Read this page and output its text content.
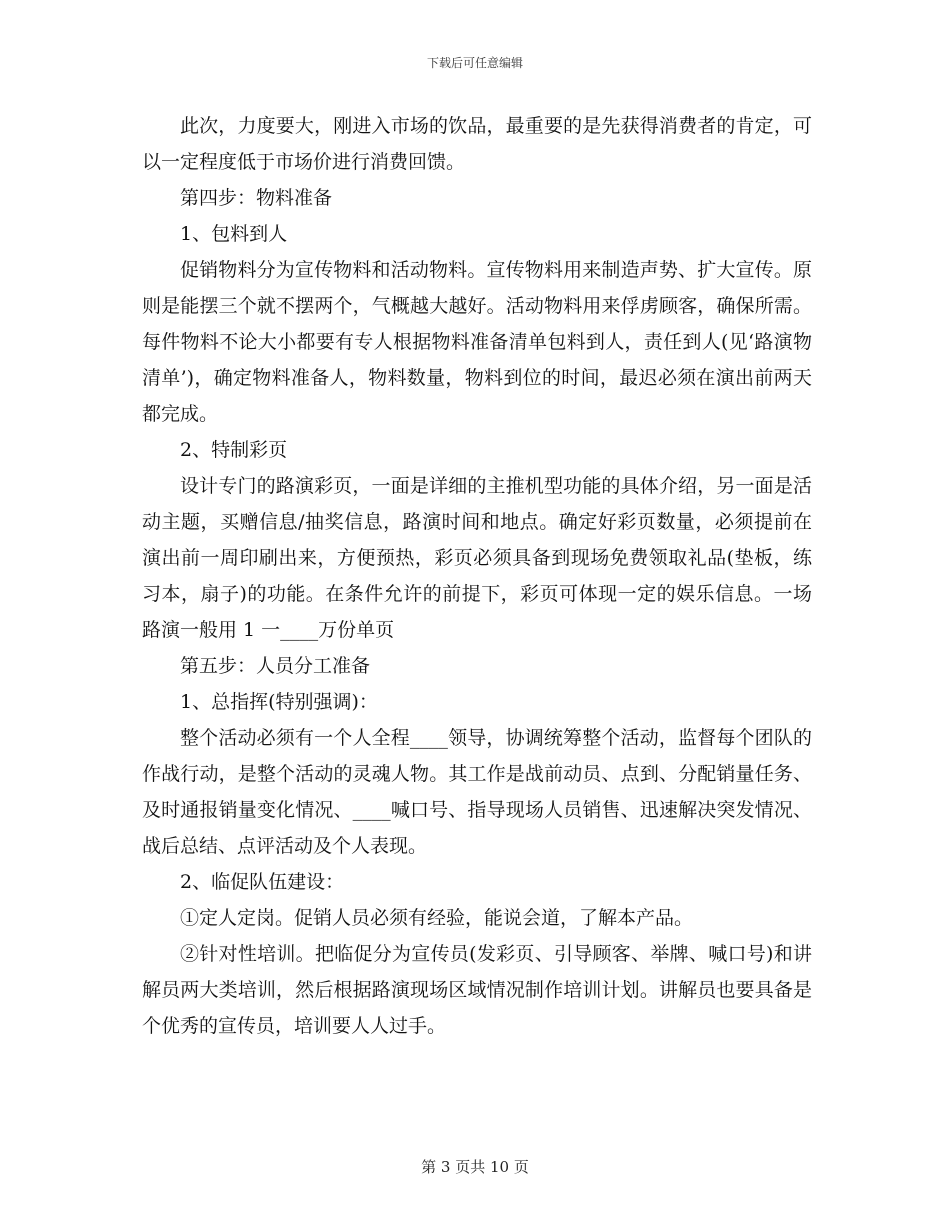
下载后可任意编辑

此次，力度要大，刚进入市场的饮品，最重要的是先获得消费者的肯定，可以一定程度低于市场价进行消费回馈。

第四步：物料准备

1、包料到人

促销物料分为宣传物料和活动物料。宣传物料用来制造声势、扩大宣传。原则是能摆三个就不摆两个，气概越大越好。活动物料用来俘虏顾客，确保所需。每件物料不论大小都要有专人根据物料准备清单包料到人，责任到人(见‘路演物清单’)，确定物料准备人，物料数量，物料到位的时间，最迟必须在演出前两天都完成。

2、特制彩页

设计专门的路演彩页，一面是详细的主推机型功能的具体介绍，另一面是活动主题，买赠信息/抽奖信息，路演时间和地点。确定好彩页数量，必须提前在演出前一周印刷出来，方便预热，彩页必须具备到现场免费领取礼品(垫板，练习本，扇子)的功能。在条件允许的前提下，彩页可体现一定的娱乐信息。一场路演一般用 1 一____万份单页

第五步：人员分工准备

1、总指挥(特别强调)：

整个活动必须有一个人全程____领导，协调统筹整个活动，监督每个团队的作战行动，是整个活动的灵魂人物。其工作是战前动员、点到、分配销量任务、及时通报销量变化情况、____喊口号、指导现场人员销售、迅速解决突发情况、战后总结、点评活动及个人表现。

2、临促队伍建设：

①定人定岗。促销人员必须有经验，能说会道，了解本产品。

②针对性培训。把临促分为宣传员(发彩页、引导顾客、举牌、喊口号)和讲解员两大类培训，然后根据路演现场区域情况制作培训计划。讲解员也要具备是个优秀的宣传员，培训要人人过手。

第 3 页共 10 页
